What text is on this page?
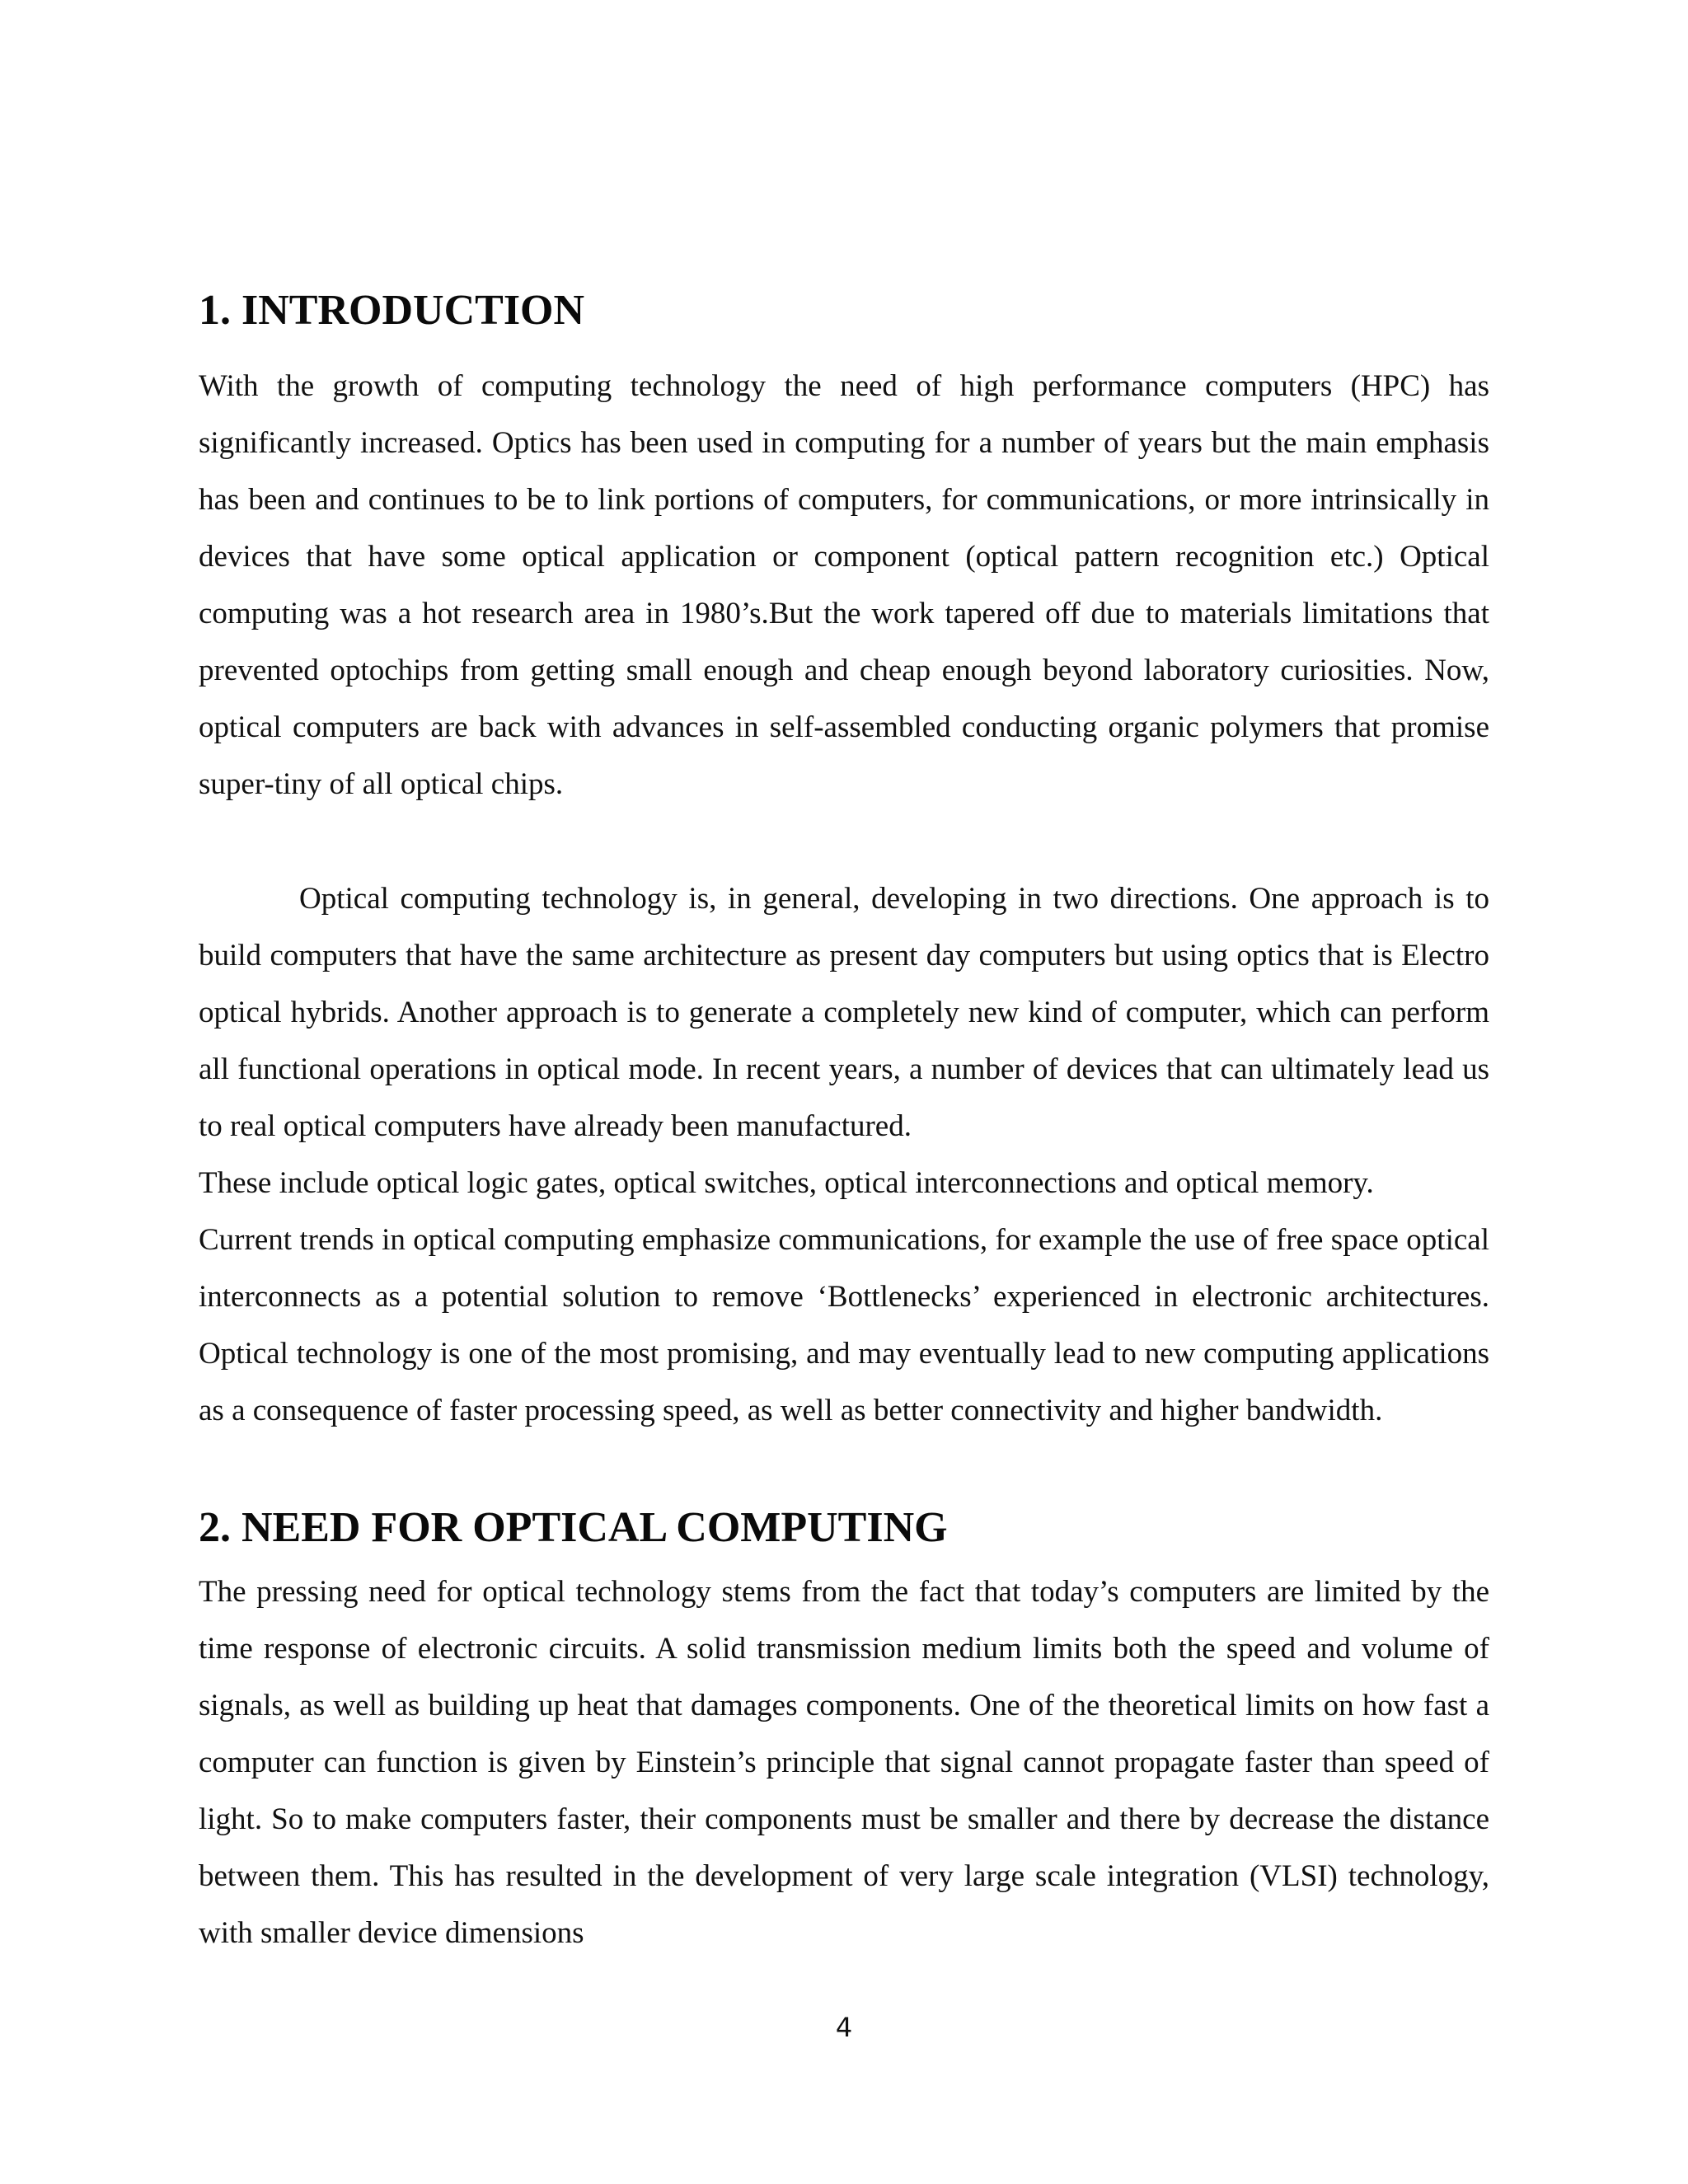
1. INTRODUCTION

With the growth of computing technology the need of high performance computers (HPC) has significantly increased. Optics has been used in computing for a number of years but the main emphasis has been and continues to be to link portions of computers, for communications, or more intrinsically in devices that have some optical application or component (optical pattern recognition etc.) Optical computing was a hot research area in 1980’s.But the work tapered off due to materials limitations that prevented optochips from getting small enough and cheap enough beyond laboratory curiosities. Now, optical computers are back with advances in self-assembled conducting organic polymers that promise super-tiny of all optical chips.

Optical computing technology is, in general, developing in two directions. One approach is to build computers that have the same architecture as present day computers but using optics that is Electro optical hybrids. Another approach is to generate a completely new kind of computer, which can perform all functional operations in optical mode. In recent years, a number of devices that can ultimately lead us to real optical computers have already been manufactured.

These include optical logic gates, optical switches, optical interconnections and optical memory.

Current trends in optical computing emphasize communications, for example the use of free space optical interconnects as a potential solution to remove ‘Bottlenecks’ experienced in electronic architectures. Optical technology is one of the most promising, and may eventually lead to new computing applications as a consequence of faster processing speed, as well as better connectivity and higher bandwidth.

2. NEED FOR OPTICAL COMPUTING

The pressing need for optical technology stems from the fact that today’s computers are limited by the time response of electronic circuits. A solid transmission medium limits both the speed and volume of signals, as well as building up heat that damages components. One of the theoretical limits on how fast a computer can function is given by Einstein’s principle that signal cannot propagate faster than speed of light. So to make computers faster, their components must be smaller and there by decrease the distance between them. This has resulted in the development of very large scale integration (VLSI) technology, with smaller device dimensions

4
